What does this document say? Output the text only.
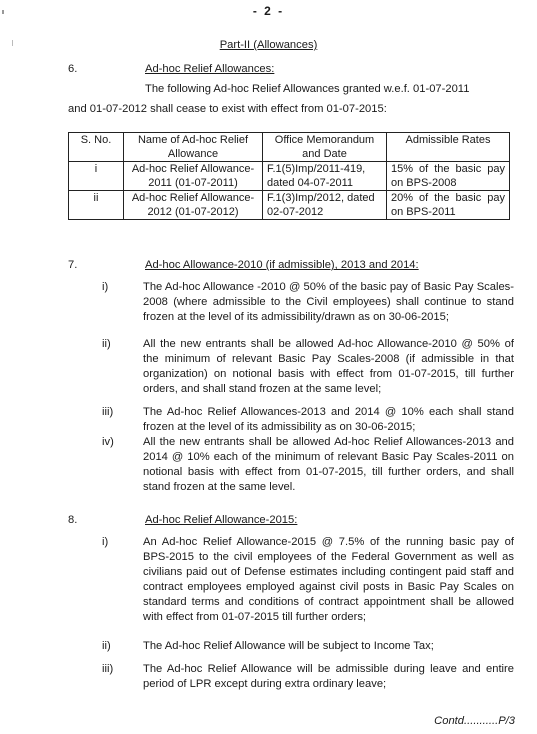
- 2 -
Part-II (Allowances)
6.	Ad-hoc Relief Allowances:
The following Ad-hoc Relief Allowances granted w.e.f. 01-07-2011
and 01-07-2012 shall cease to exist with effect from 01-07-2015:
S. No.	Name of Ad-hoc Relief Allowance	Office Memorandum and Date	Admissible Rates
i	Ad-hoc Relief Allowance-2011 (01-07-2011)	F.1(5)Imp/2011-419, dated 04-07-2011	15% of the basic pay on BPS-2008
ii	Ad-hoc Relief Allowance-2012 (01-07-2012)	F.1(3)Imp/2012, dated 02-07-2012	20% of the basic pay on BPS-2011
7.	Ad-hoc Allowance-2010 (if admissible), 2013 and 2014:
i)	The Ad-hoc Allowance -2010 @ 50% of the basic pay of Basic Pay Scales-2008 (where admissible to the Civil employees) shall continue to stand frozen at the level of its admissibility/drawn as on 30-06-2015;
ii)	All the new entrants shall be allowed Ad-hoc Allowance-2010 @ 50% of the minimum of relevant Basic Pay Scales-2008 (if admissible in that organization) on notional basis with effect from 01-07-2015, till further orders, and shall stand frozen at the same level;
iii)	The Ad-hoc Relief Allowances-2013 and 2014 @ 10% each shall stand frozen at the level of its admissibility as on 30-06-2015;
iv)	All the new entrants shall be allowed Ad-hoc Relief Allowances-2013 and 2014 @ 10% each of the minimum of relevant Basic Pay Scales-2011 on notional basis with effect from 01-07-2015, till further orders, and shall stand frozen at the same level.
8.	Ad-hoc Relief Allowance-2015:
i)	An Ad-hoc Relief Allowance-2015 @ 7.5% of the running basic pay of BPS-2015 to the civil employees of the Federal Government as well as civilians paid out of Defense estimates including contingent paid staff and contract employees employed against civil posts in Basic Pay Scales on standard terms and conditions of contract appointment shall be allowed with effect from 01-07-2015 till further orders;
ii)	The Ad-hoc Relief Allowance will be subject to Income Tax;
iii)	The Ad-hoc Relief Allowance will be admissible during leave and entire period of LPR except during extra ordinary leave;
Contd...........P/3
